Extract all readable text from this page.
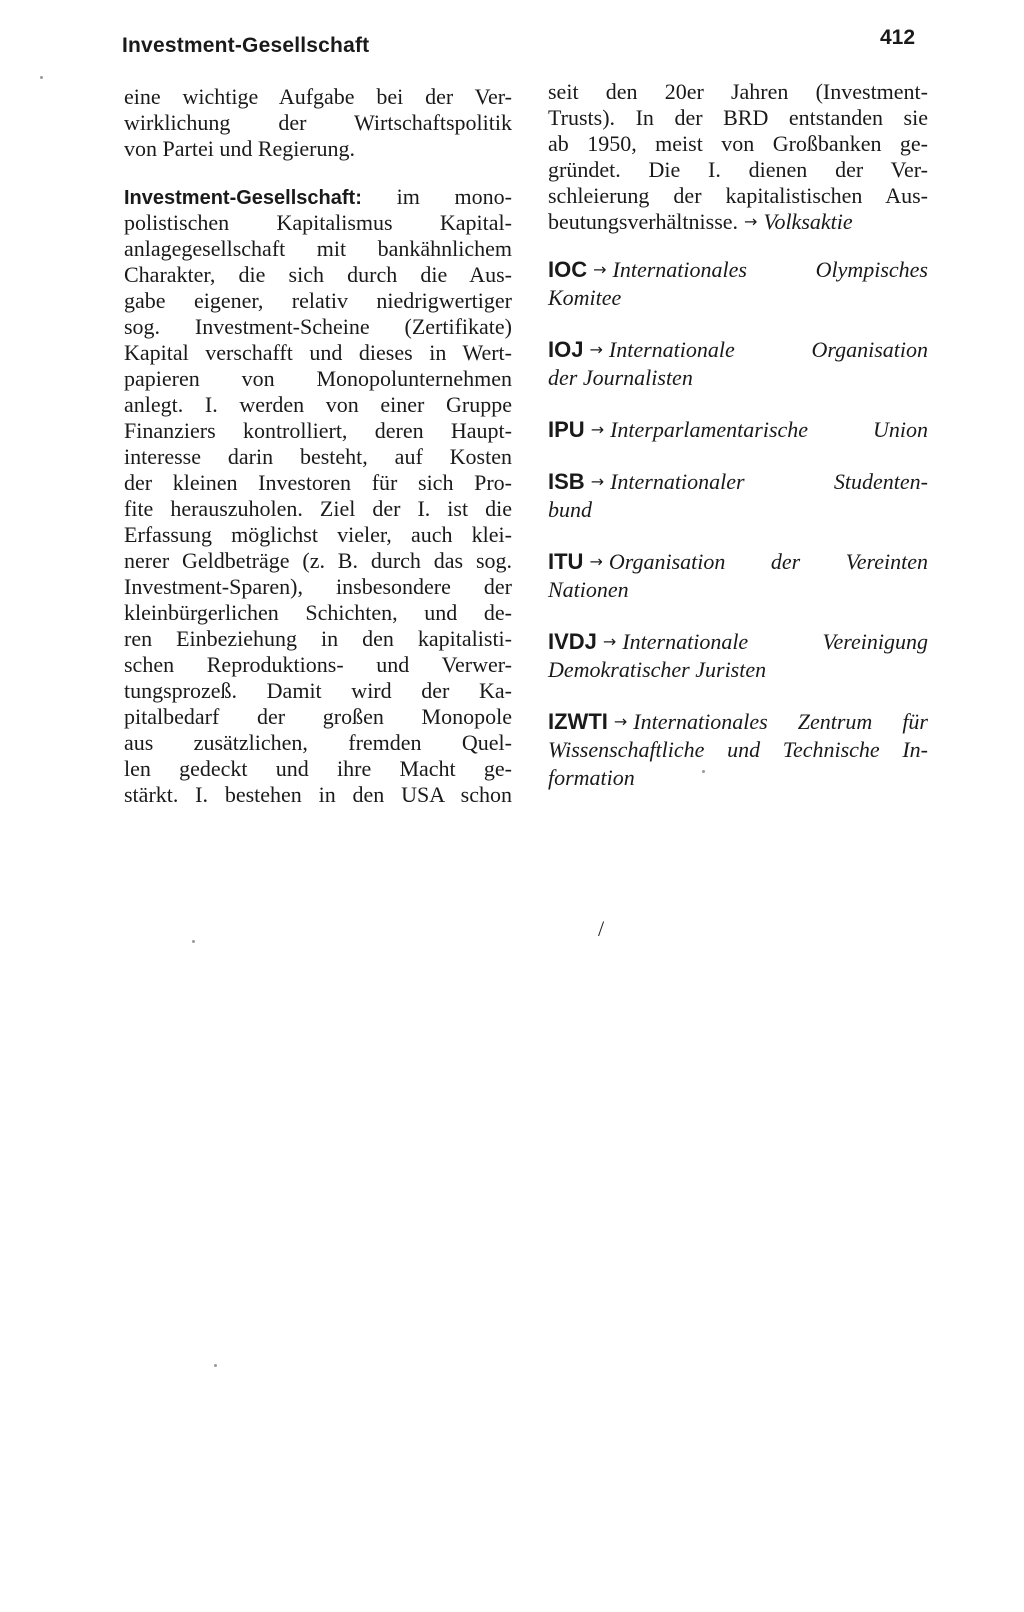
Investment-Gesellschaft	412
eine wichtige Aufgabe bei der Ver-
wirklichung der Wirtschaftspolitik
von Partei und Regierung.
Investment-Gesellschaft: im mono-
polistischen Kapitalismus Kapital-
anlagegesellschaft mit bankähnlichem
Charakter, die sich durch die Aus-
gabe eigener, relativ niedrigwertiger
sog. Investment-Scheine (Zertifikate)
Kapital verschafft und dieses in Wert-
papieren von Monopolunternehmen
anlegt. I. werden von einer Gruppe
Finanziers kontrolliert, deren Haupt-
interesse darin besteht, auf Kosten
der kleinen Investoren für sich Pro-
fite herauszuholen. Ziel der I. ist die
Erfassung möglichst vieler, auch klei-
nerer Geldbeträge (z. B. durch das sog.
Investment-Sparen), insbesondere der
kleinbürgerlichen Schichten, und de-
ren Einbeziehung in den kapitalisti-
schen Reproduktions- und Verwer-
tungsprozeß. Damit wird der Ka-
pitalbedarf der großen Monopole
aus zusätzlichen, fremden Quel-
len gedeckt und ihre Macht ge-
stärkt. I. bestehen in den USA schon
seit den 20er Jahren (Investment-
Trusts). In der BRD entstanden sie
ab 1950, meist von Großbanken ge-
gründet. Die I. dienen der Ver-
schleierung der kapitalistischen Aus-
beutungsverhältnisse. → Volksaktie
IOC → Internationales Olympisches
Komitee
IOJ → Internationale Organisation
der Journalisten
IPU → Interparlamentarische Union
ISB → Internationaler Studenten-
bund
ITU → Organisation der Vereinten
Nationen
IVDJ → Internationale Vereinigung
Demokratischer Juristen
IZWTI → Internationales Zentrum für
Wissenschaftliche und Technische In-
formation
/
